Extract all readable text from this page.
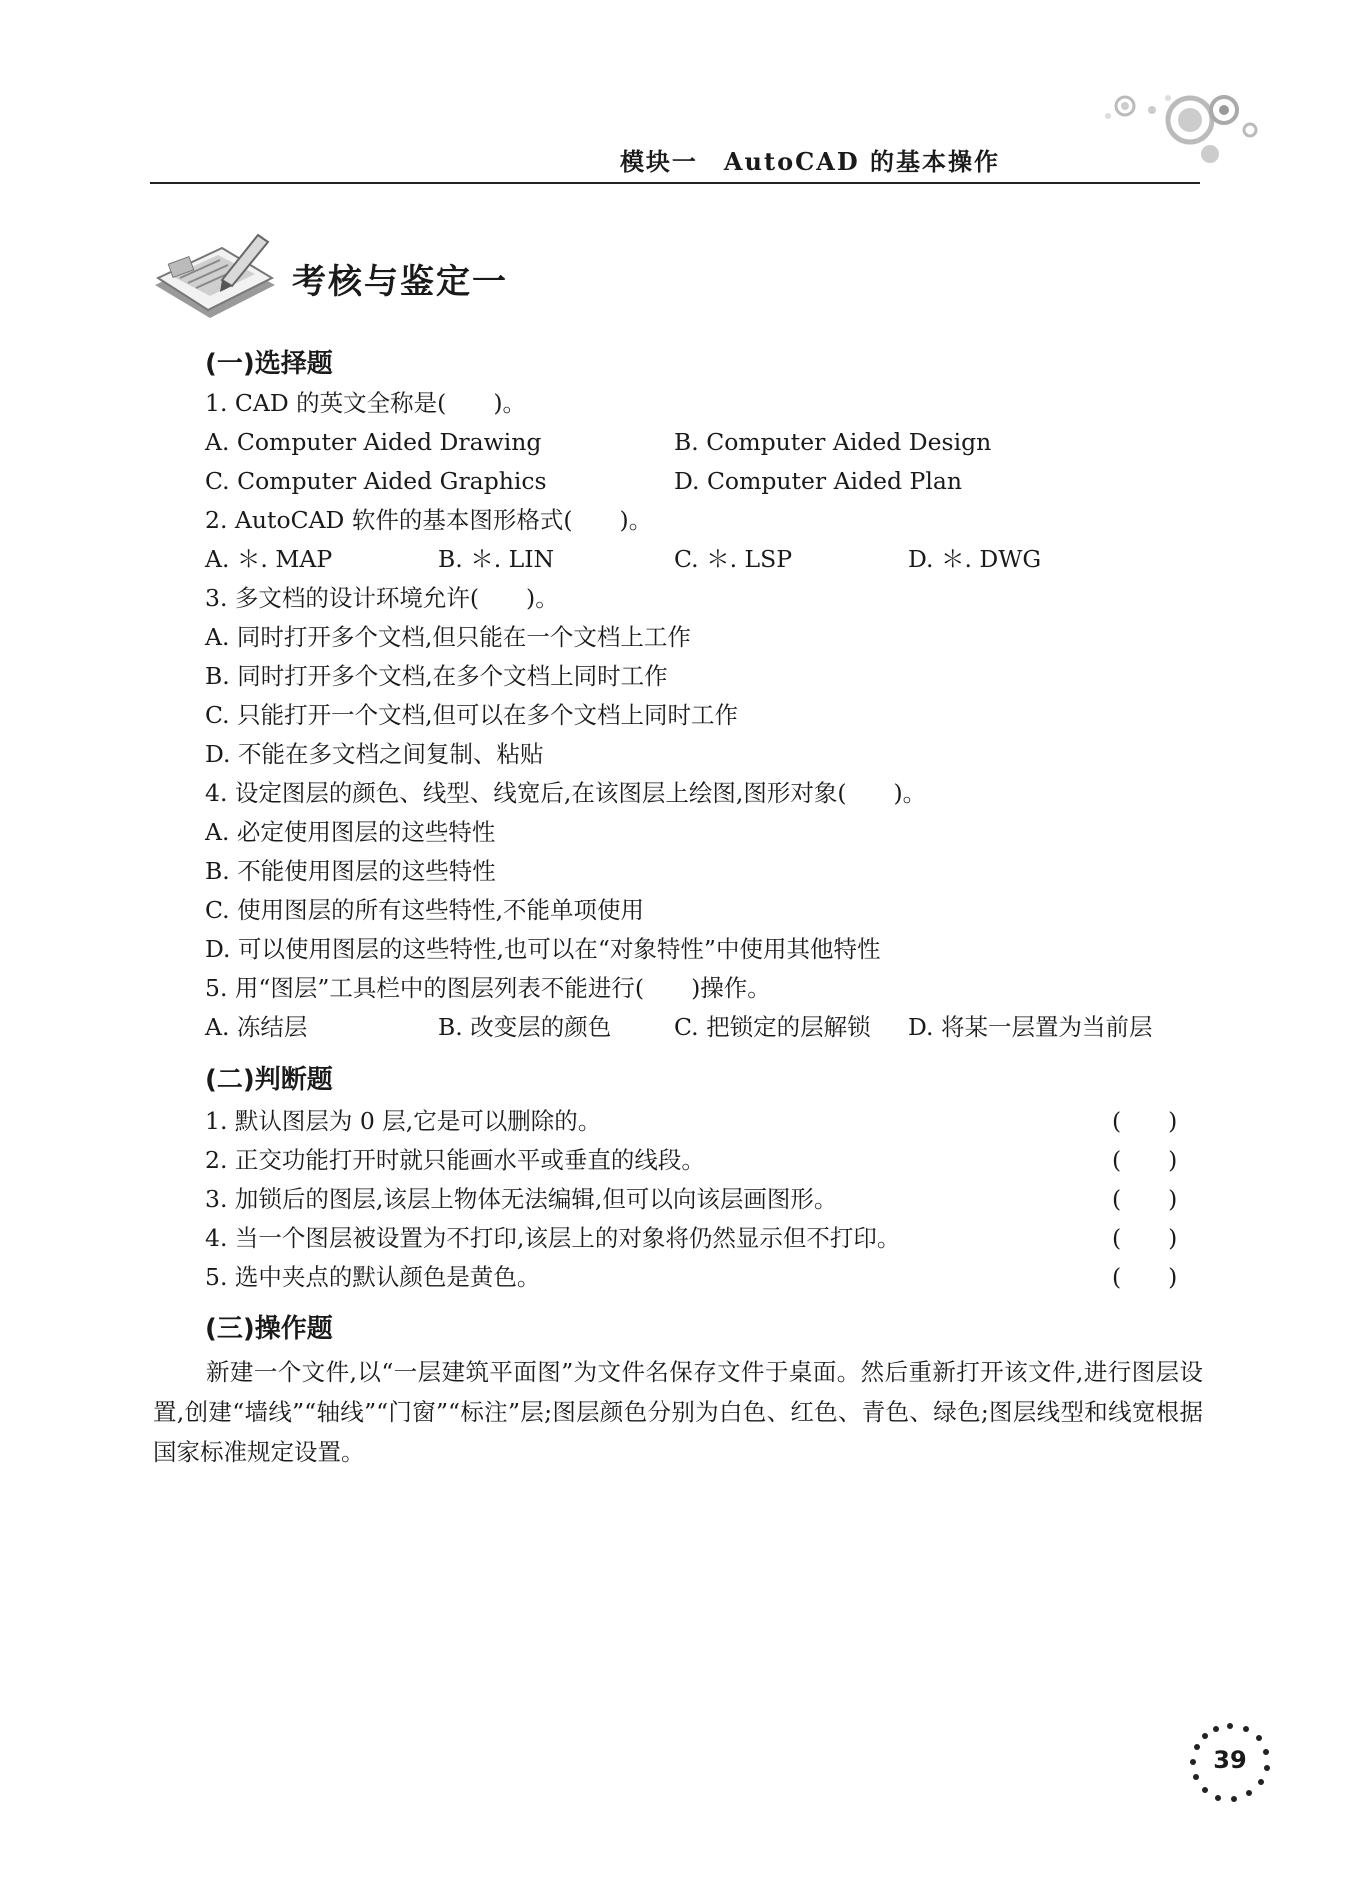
模块一　AutoCAD 的基本操作
考核与鉴定一
(一)选择题
1. CAD 的英文全称是(　　)。
A. Computer Aided Drawing	B. Computer Aided Design
C. Computer Aided Graphics	D. Computer Aided Plan
2. AutoCAD 软件的基本图形格式(　　)。
A. ＊. MAP	B. ＊. LIN	C. ＊. LSP	D. ＊. DWG
3. 多文档的设计环境允许(　　)。
A. 同时打开多个文档,但只能在一个文档上工作
B. 同时打开多个文档,在多个文档上同时工作
C. 只能打开一个文档,但可以在多个文档上同时工作
D. 不能在多文档之间复制、粘贴
4. 设定图层的颜色、线型、线宽后,在该图层上绘图,图形对象(　　)。
A. 必定使用图层的这些特性
B. 不能使用图层的这些特性
C. 使用图层的所有这些特性,不能单项使用
D. 可以使用图层的这些特性,也可以在“对象特性”中使用其他特性
5. 用“图层”工具栏中的图层列表不能进行(　　)操作。
A. 冻结层	B. 改变层的颜色	C. 把锁定的层解锁 D. 将某一层置为当前层
(二)判断题
1. 默认图层为 0 层,它是可以删除的。	(　　)
2. 正交功能打开时就只能画水平或垂直的线段。	(　　)
3. 加锁后的图层,该层上物体无法编辑,但可以向该层画图形。	(　　)
4. 当一个图层被设置为不打印,该层上的对象将仍然显示但不打印。	(　　)
5. 选中夹点的默认颜色是黄色。	(　　)
(三)操作题
新建一个文件,以“一层建筑平面图”为文件名保存文件于桌面。然后重新打开该文件,进行图层设置,创建“墙线”“轴线”“门窗”“标注”层;图层颜色分别为白色、红色、青色、绿色;图层线型和线宽根据国家标准规定设置。
39
